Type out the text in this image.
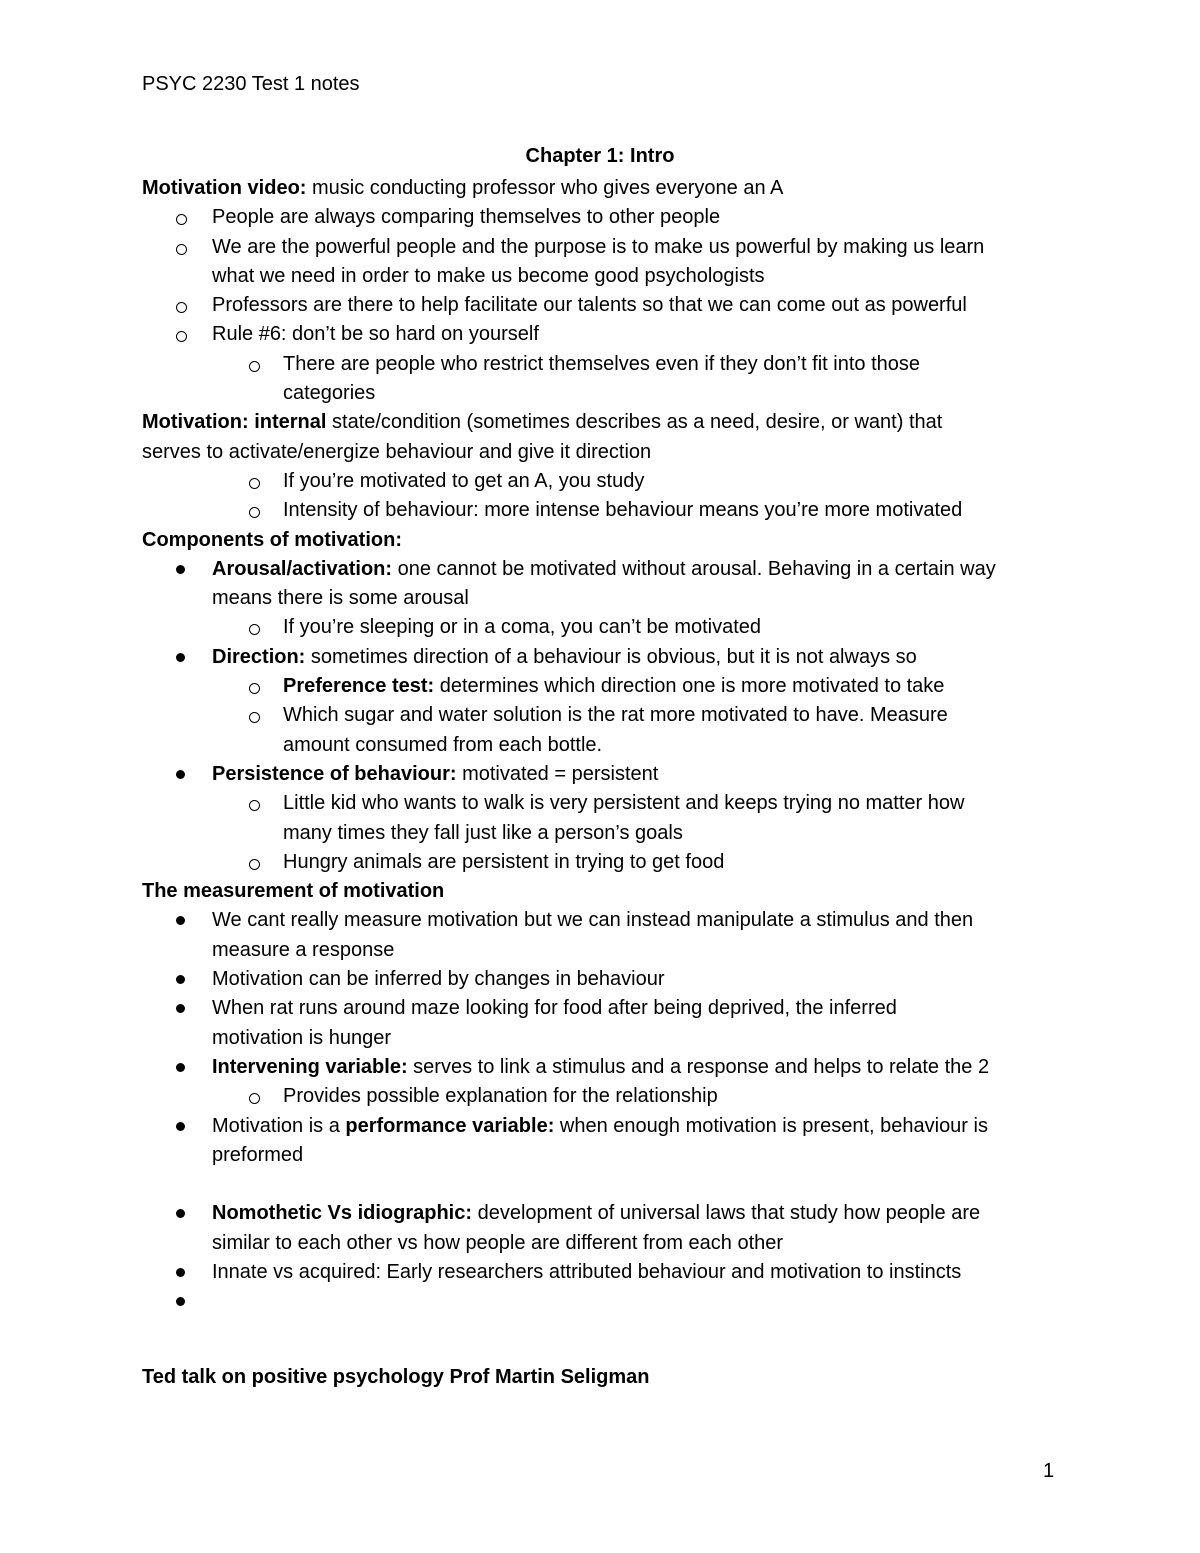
PSYC 2230 Test 1 notes
Chapter 1: Intro
Motivation video: music conducting professor who gives everyone an A
People are always comparing themselves to other people
We are the powerful people and the purpose is to make us powerful by making us learn
what we need in order to make us become good psychologists
Professors are there to help facilitate our talents so that we can come out as powerful
Rule #6: don’t be so hard on yourself
There are people who restrict themselves even if they don’t fit into those
categories
Motivation: internal state/condition (sometimes describes as a need, desire, or want) that
serves to activate/energize behaviour and give it direction
If you’re motivated to get an A, you study
Intensity of behaviour: more intense behaviour means you’re more motivated
Components of motivation:
Arousal/activation: one cannot be motivated without arousal. Behaving in a certain way
means there is some arousal
If you’re sleeping or in a coma, you can’t be motivated
Direction: sometimes direction of a behaviour is obvious, but it is not always so
Preference test: determines which direction one is more motivated to take
Which sugar and water solution is the rat more motivated to have. Measure
amount consumed from each bottle.
Persistence of behaviour: motivated = persistent
Little kid who wants to walk is very persistent and keeps trying no matter how
many times they fall just like a person’s goals
Hungry animals are persistent in trying to get food
The measurement of motivation
We cant really measure motivation but we can instead manipulate a stimulus and then
measure a response
Motivation can be inferred by changes in behaviour
When rat runs around maze looking for food after being deprived, the inferred
motivation is hunger
Intervening variable: serves to link a stimulus and a response and helps to relate the 2
Provides possible explanation for the relationship
Motivation is a performance variable: when enough motivation is present, behaviour is
preformed
Nomothetic Vs idiographic: development of universal laws that study how people are
similar to each other vs how people are different from each other
Innate vs acquired: Early researchers attributed behaviour and motivation to instincts
Ted talk on positive psychology Prof Martin Seligman
1
